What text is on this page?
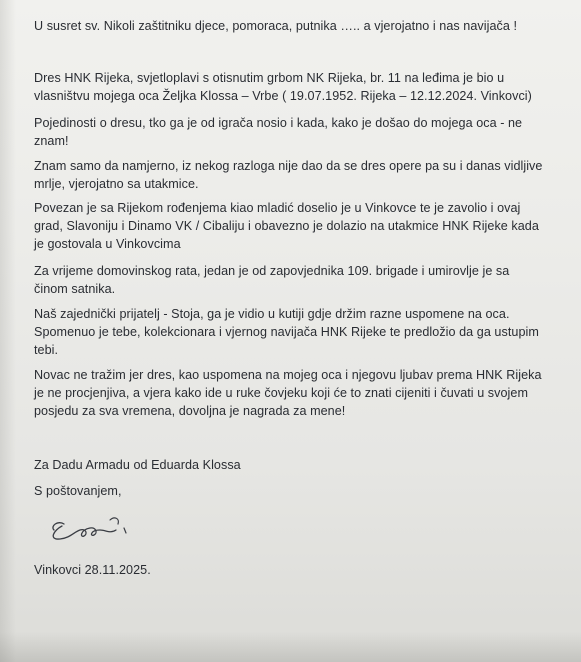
U susret sv. Nikoli zaštitniku djece, pomoraca, putnika ….. a vjerojatno i nas navijača !

Dres HNK Rijeka, svjetloplavi s otisnutim grbom NK Rijeka, br. 11 na leđima je bio u

vlasništvu mojega oca Željka Klossa – Vrbe ( 19.07.1952. Rijeka – 12.12.2024. Vinkovci)

Pojedinosti o dresu, tko ga je od igrača nosio i kada, kako je došao do mojega oca - ne

znam!

Znam samo da namjerno, iz nekog razloga nije dao da se dres opere pa su i danas vidljive

mrlje, vjerojatno sa utakmice.

Povezan je sa Rijekom rođenjema kiao mladić doselio je u Vinkovce te je zavolio i ovaj

grad, Slavoniju i Dinamo VK / Cibaliju i obavezno je dolazio na utakmice HNK Rijeke kada

je gostovala u Vinkovcima

Za vrijeme domovinskog rata, jedan je od zapovjednika 109. brigade i umirovlje je sa

činom satnika.

Naš zajednički prijatelj - Stoja, ga je vidio u kutiji gdje držim razne uspomene na oca.

Spomenuo je tebe, kolekcionara i vjernog navijača HNK Rijeke te predložio da ga ustupim

tebi.

Novac ne tražim jer dres, kao uspomena na mojeg oca i njegovu ljubav prema HNK Rijeka

je ne procjenjiva, a vjera kako ide u ruke čovjeku koji će to znati cijeniti i čuvati u svojem

posjedu za sva vremena, dovoljna je nagrada za mene!

Za Dadu Armadu od Eduarda Klossa

S poštovanjem,

Vinkovci 28.11.2025.
